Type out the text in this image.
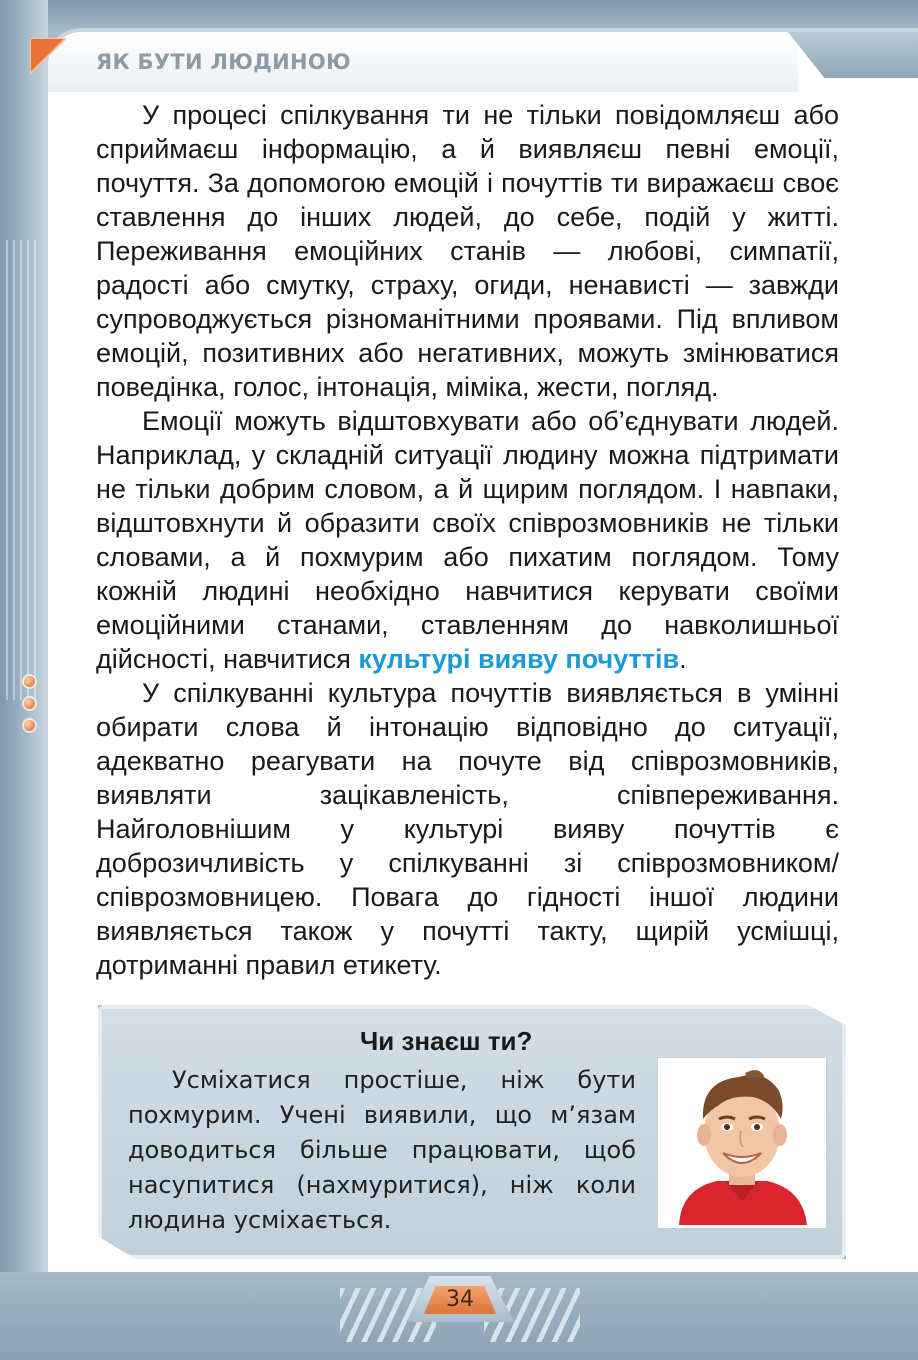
ЯК БУТИ ЛЮДИНОЮ

У процесі спілкування ти не тільки повідомляєш або сприймаєш інформацію, а й виявляєш певні емоції, почуття. За допомогою емоцій і почуттів ти виражаєш своє ставлення до інших людей, до себе, подій у житті. Переживання емоційних станів — любові, симпатії, радості або смутку, страху, огиди, ненависті — завжди супроводжується різноманітними проявами. Під впливом емоцій, позитивних або негативних, можуть змінюватися поведінка, голос, інтонація, міміка, жести, погляд.

Емоції можуть відштовхувати або об’єднувати людей. Наприклад, у складній ситуації людину можна підтримати не тільки добрим словом, а й щирим поглядом. І навпаки, відштовхнути й образити своїх співрозмовників не тільки словами, а й похмурим або пихатим поглядом. Тому кожній людині необхідно навчитися керувати своїми емоційними станами, ставленням до навколишньої дійсності, навчитися культурі вияву почуттів.

У спілкуванні культура почуттів виявляється в умінні обирати слова й інтонацію відповідно до ситуації, адекватно реагувати на почуте від співрозмовників, виявляти зацікавленість, співпереживання. Найголовнішим у культурі вияву почуттів є доброзичливість у спілкуванні зі співрозмовником/співрозмовницею. Повага до гідності іншої людини виявляється також у почутті такту, щирій усмішці, дотриманні правил етикету.

Чи знаєш ти?

Усміхатися простіше, ніж бути похмурим. Учені виявили, що м’язам доводиться більше працювати, щоб насупитися (нахмуритися), ніж коли людина усміхається.

34
